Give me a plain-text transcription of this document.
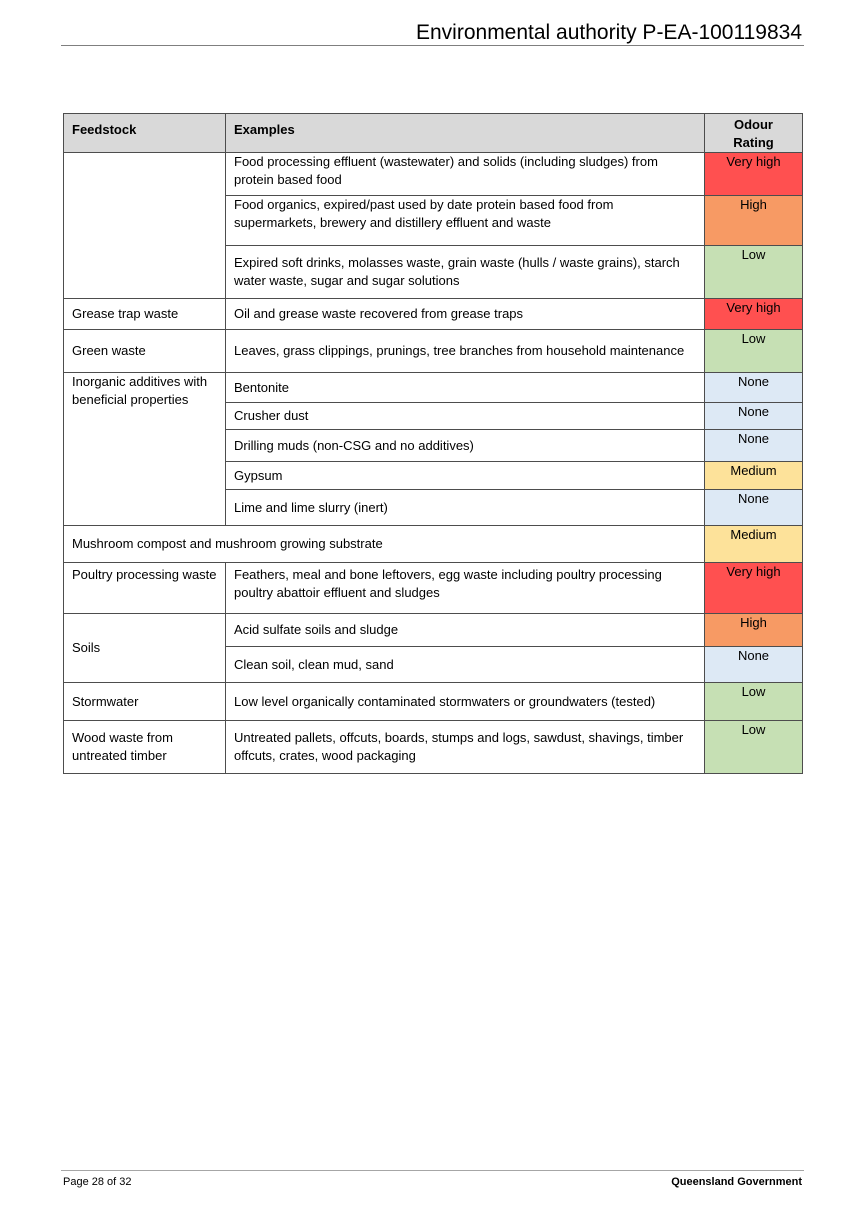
Environmental authority P-EA-100119834
Feedstock	Examples	Odour Rating
	Food processing effluent (wastewater) and solids (including sludges) from protein based food	Very high
	Food organics, expired/past used by date protein based food from supermarkets, brewery and distillery effluent and waste	High
	Expired soft drinks, molasses waste, grain waste (hulls / waste grains), starch water waste, sugar and sugar solutions	Low
Grease trap waste	Oil and grease waste recovered from grease traps	Very high
Green waste	Leaves, grass clippings, prunings, tree branches from household maintenance	Low
Inorganic additives with beneficial properties	Bentonite	None
	Crusher dust	None
	Drilling muds (non-CSG and no additives)	None
	Gypsum	Medium
	Lime and lime slurry (inert)	None
Mushroom compost and mushroom growing substrate		Medium
Poultry processing waste	Feathers, meal and bone leftovers, egg waste including poultry processing poultry abattoir effluent and sludges	Very high
Soils	Acid sulfate soils and sludge	High
	Clean soil, clean mud, sand	None
Stormwater	Low level organically contaminated stormwaters or groundwaters (tested)	Low
Wood waste from untreated timber	Untreated pallets, offcuts, boards, stumps and logs, sawdust, shavings, timber offcuts, crates, wood packaging	Low
Page 28 of 32	Queensland Government
